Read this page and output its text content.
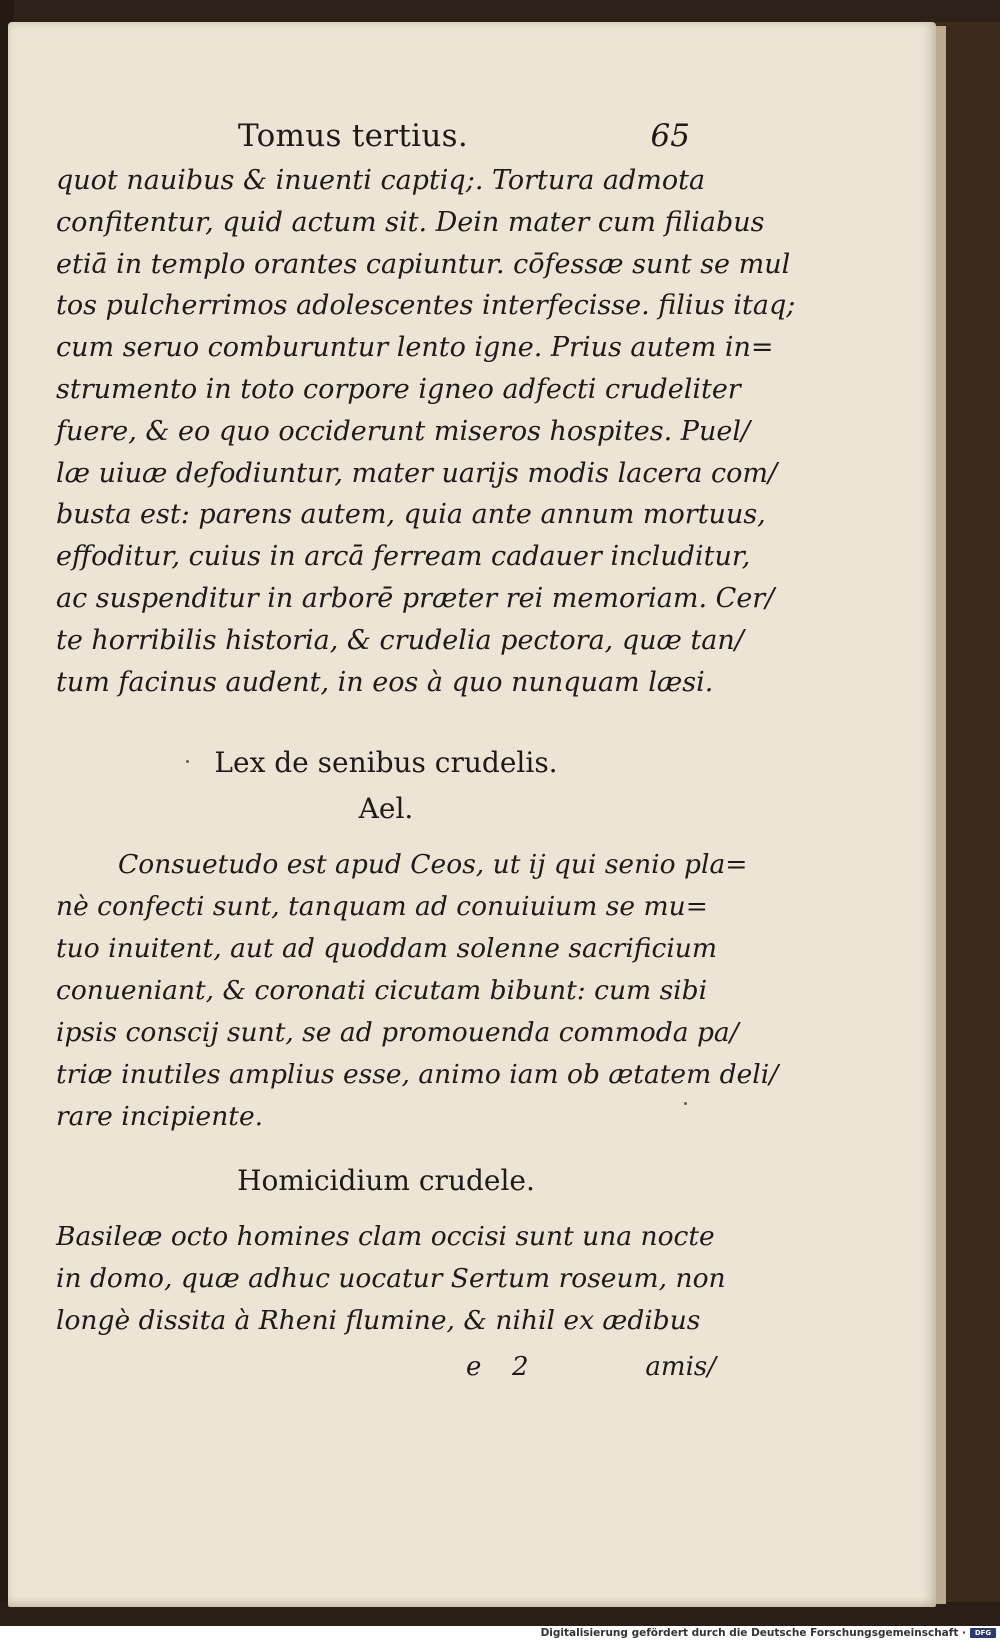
Tomus tertius.	65
quot nauibus & inuenti captiq;. Tortura admota
confitentur, quid actum sit. Dein mater cum filiabus
etiā in templo orantes capiuntur. cōfessæ sunt se mul
tos pulcherrimos adolescentes interfecisse. filius itaq;
cum seruo comburuntur lento igne. Prius autem in=
strumento in toto corpore igneo adfecti crudeliter
fuere, & eo quo occiderunt miseros hospites. Puel/
læ uiuæ defodiuntur, mater uarijs modis lacera com/
busta est: parens autem, quia ante annum mortuus,
effoditur, cuius in arcā ferream cadauer includitur,
ac suspenditur in arborē præter rei memoriam. Cer/
te horribilis historia, & crudelia pectora, quæ tan/
tum facinus audent, in eos à quo nunquam læsi.
Lex de senibus crudelis.
Ael.
Consuetudo est apud Ceos, ut ij qui senio pla=
nè confecti sunt, tanquam ad conuiuium se mu=
tuo inuitent, aut ad quoddam solenne sacrificium
conueniant, & coronati cicutam bibunt: cum sibi
ipsis conscij sunt, se ad promouenda commoda pa/
triæ inutiles amplius esse, animo iam ob ætatem deli/
rare incipiente.
Homicidium crudele.
Basileæ octo homines clam occisi sunt una nocte
in domo, quæ adhuc uocatur Sertum roseum, non
longè dissita à Rheni flumine, & nihil ex ædibus
e 2	amis/
Digitalisierung gefördert durch die Deutsche Forschungsgemeinschaft ·	DFG
